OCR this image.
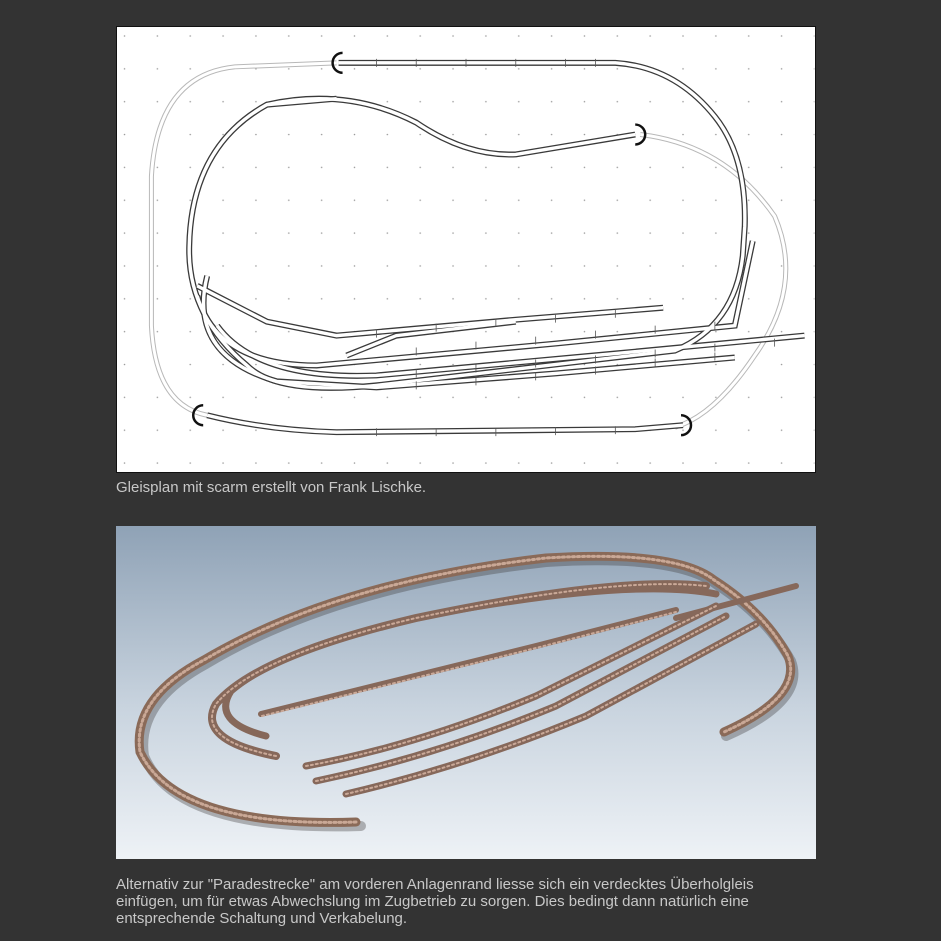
Gleisplan mit scarm erstellt von Frank Lischke.
Alternativ zur "Paradestrecke" am vorderen Anlagenrand liesse sich ein verdecktes Überholgleis
einfügen, um für etwas Abwechslung im Zugbetrieb zu sorgen. Dies bedingt dann natürlich eine
entsprechende Schaltung und Verkabelung.
